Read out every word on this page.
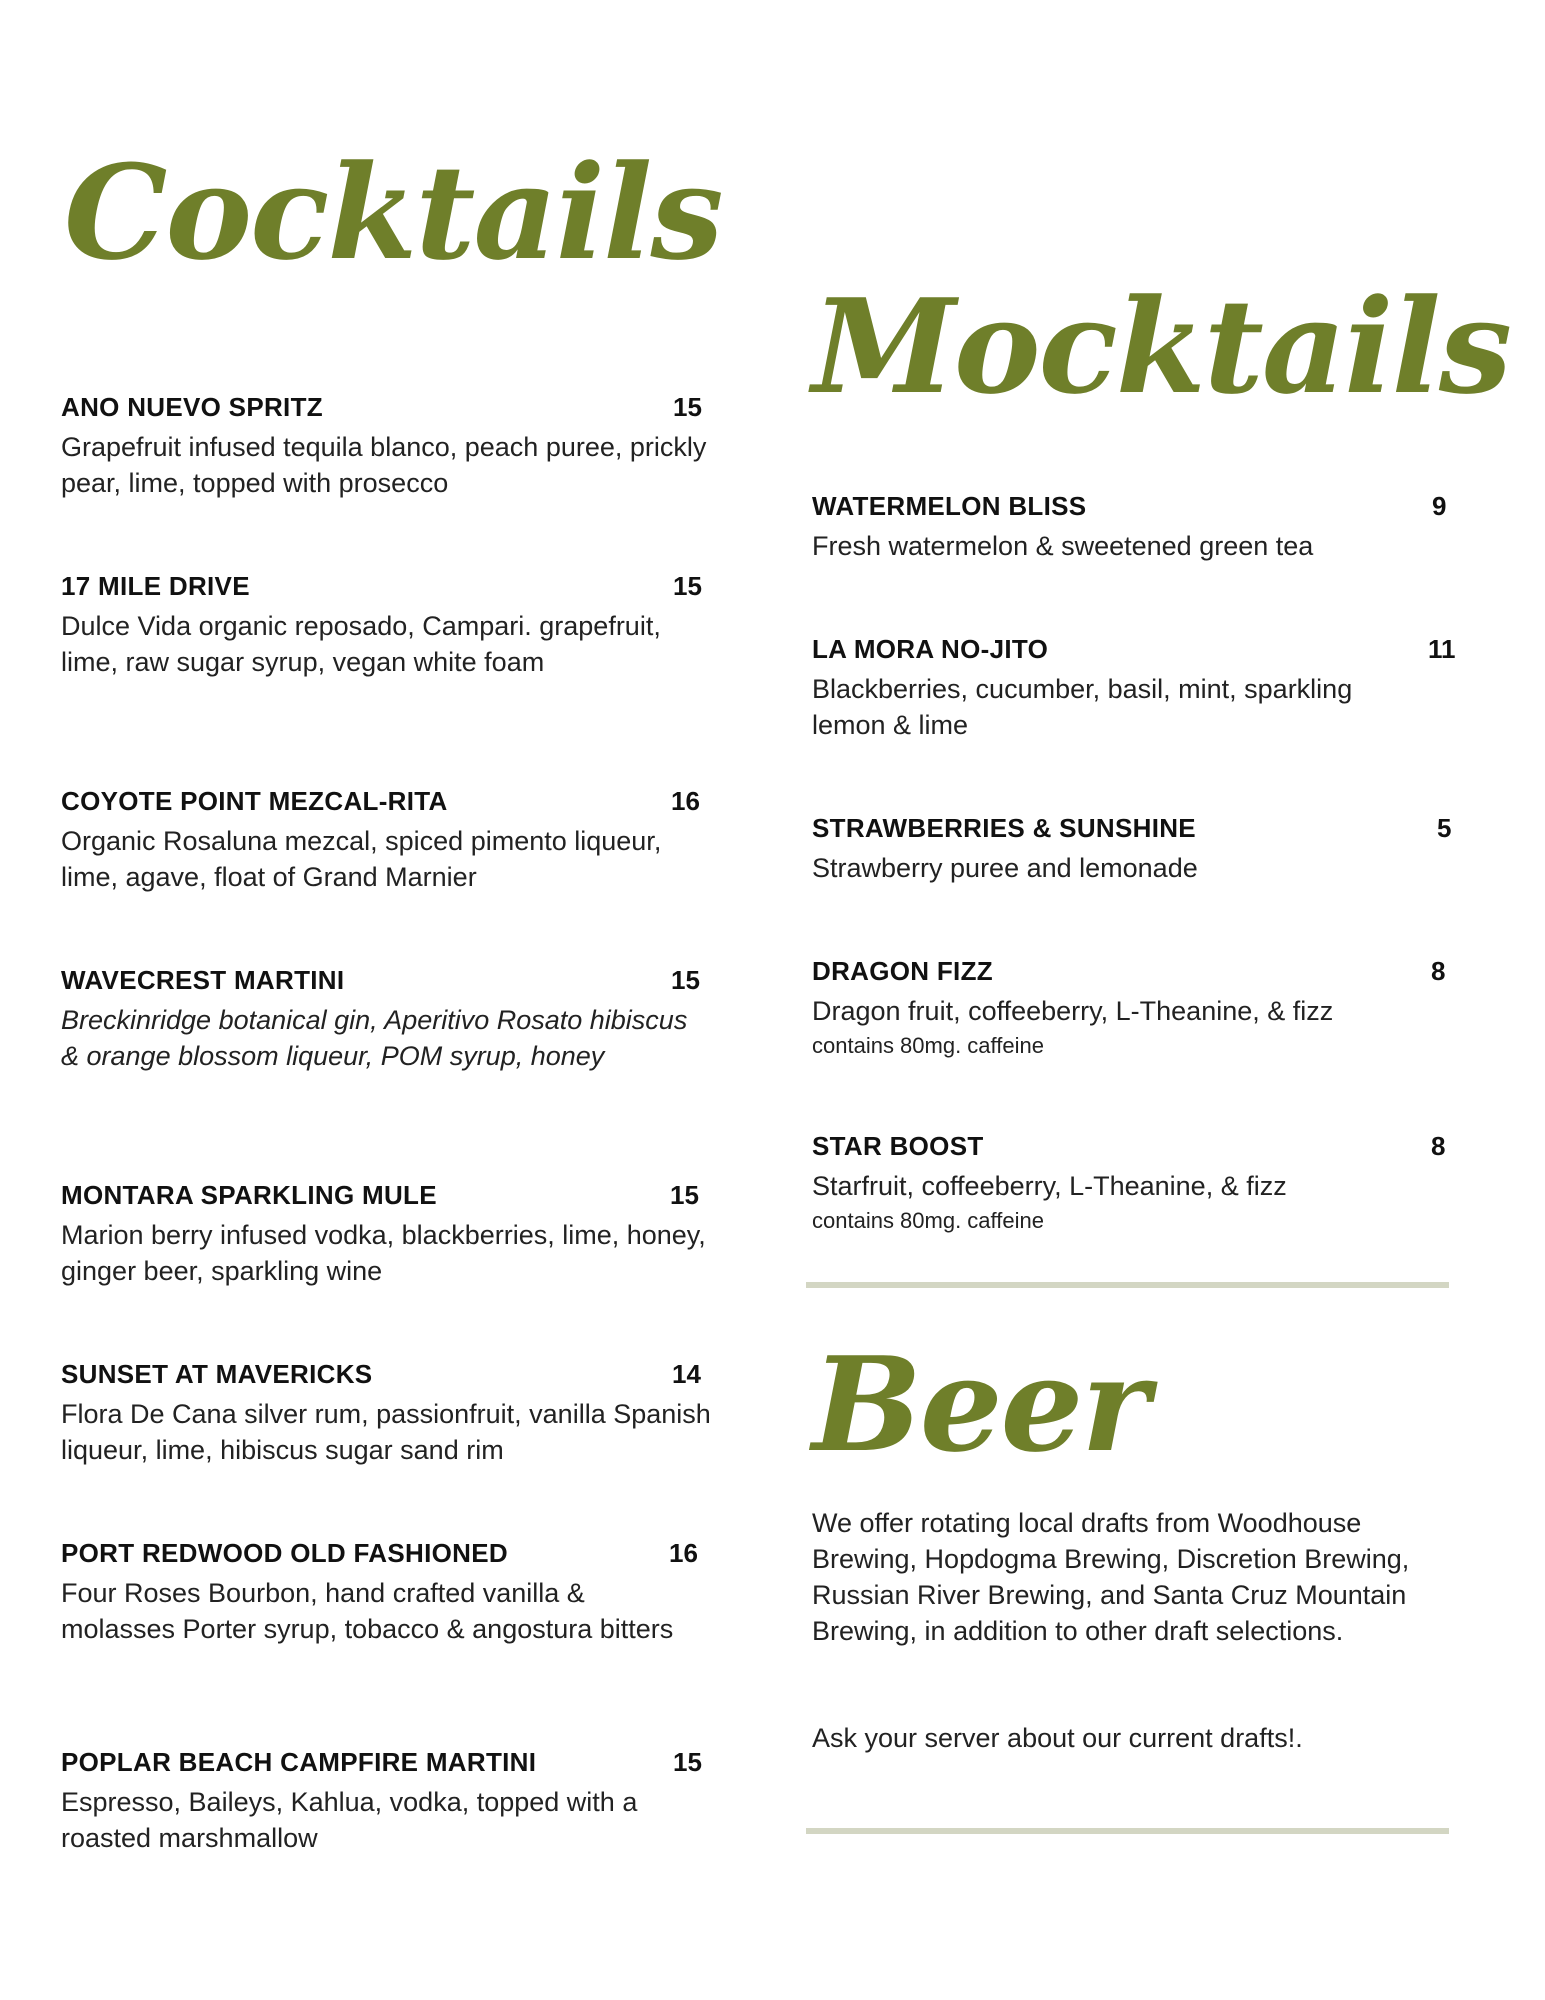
Cocktails
Mocktails
Beer
ANO NUEVO SPRITZ	15
Grapefruit infused tequila blanco, peach puree, prickly pear, lime, topped with prosecco
17 MILE DRIVE	15
Dulce Vida organic reposado, Campari. grapefruit, lime, raw sugar syrup, vegan white foam
COYOTE POINT MEZCAL-RITA	16
Organic Rosaluna mezcal, spiced pimento liqueur, lime, agave, float of Grand Marnier
WAVECREST MARTINI	15
Breckinridge botanical gin, Aperitivo Rosato hibiscus & orange blossom liqueur, POM syrup, honey
MONTARA SPARKLING MULE	15
Marion berry infused vodka, blackberries, lime, honey, ginger beer, sparkling wine
SUNSET AT MAVERICKS	14
Flora De Cana silver rum, passionfruit, vanilla Spanish liqueur, lime, hibiscus sugar sand rim
PORT REDWOOD OLD FASHIONED	16
Four Roses Bourbon, hand crafted vanilla & molasses Porter syrup, tobacco & angostura bitters
POPLAR BEACH CAMPFIRE MARTINI	15
Espresso, Baileys, Kahlua, vodka, topped with a roasted marshmallow
WATERMELON BLISS	9
Fresh watermelon & sweetened green tea
LA MORA NO-JITO	11
Blackberries, cucumber, basil, mint, sparkling lemon & lime
STRAWBERRIES & SUNSHINE	5
Strawberry puree and lemonade
DRAGON FIZZ	8
Dragon fruit, coffeeberry, L-Theanine, & fizz
contains 80mg. caffeine
STAR BOOST	8
Starfruit, coffeeberry, L-Theanine, & fizz
contains 80mg. caffeine
We offer rotating local drafts from Woodhouse Brewing, Hopdogma Brewing, Discretion Brewing, Russian River Brewing, and Santa Cruz Mountain Brewing, in addition to other draft selections.
Ask your server about our current drafts!.
